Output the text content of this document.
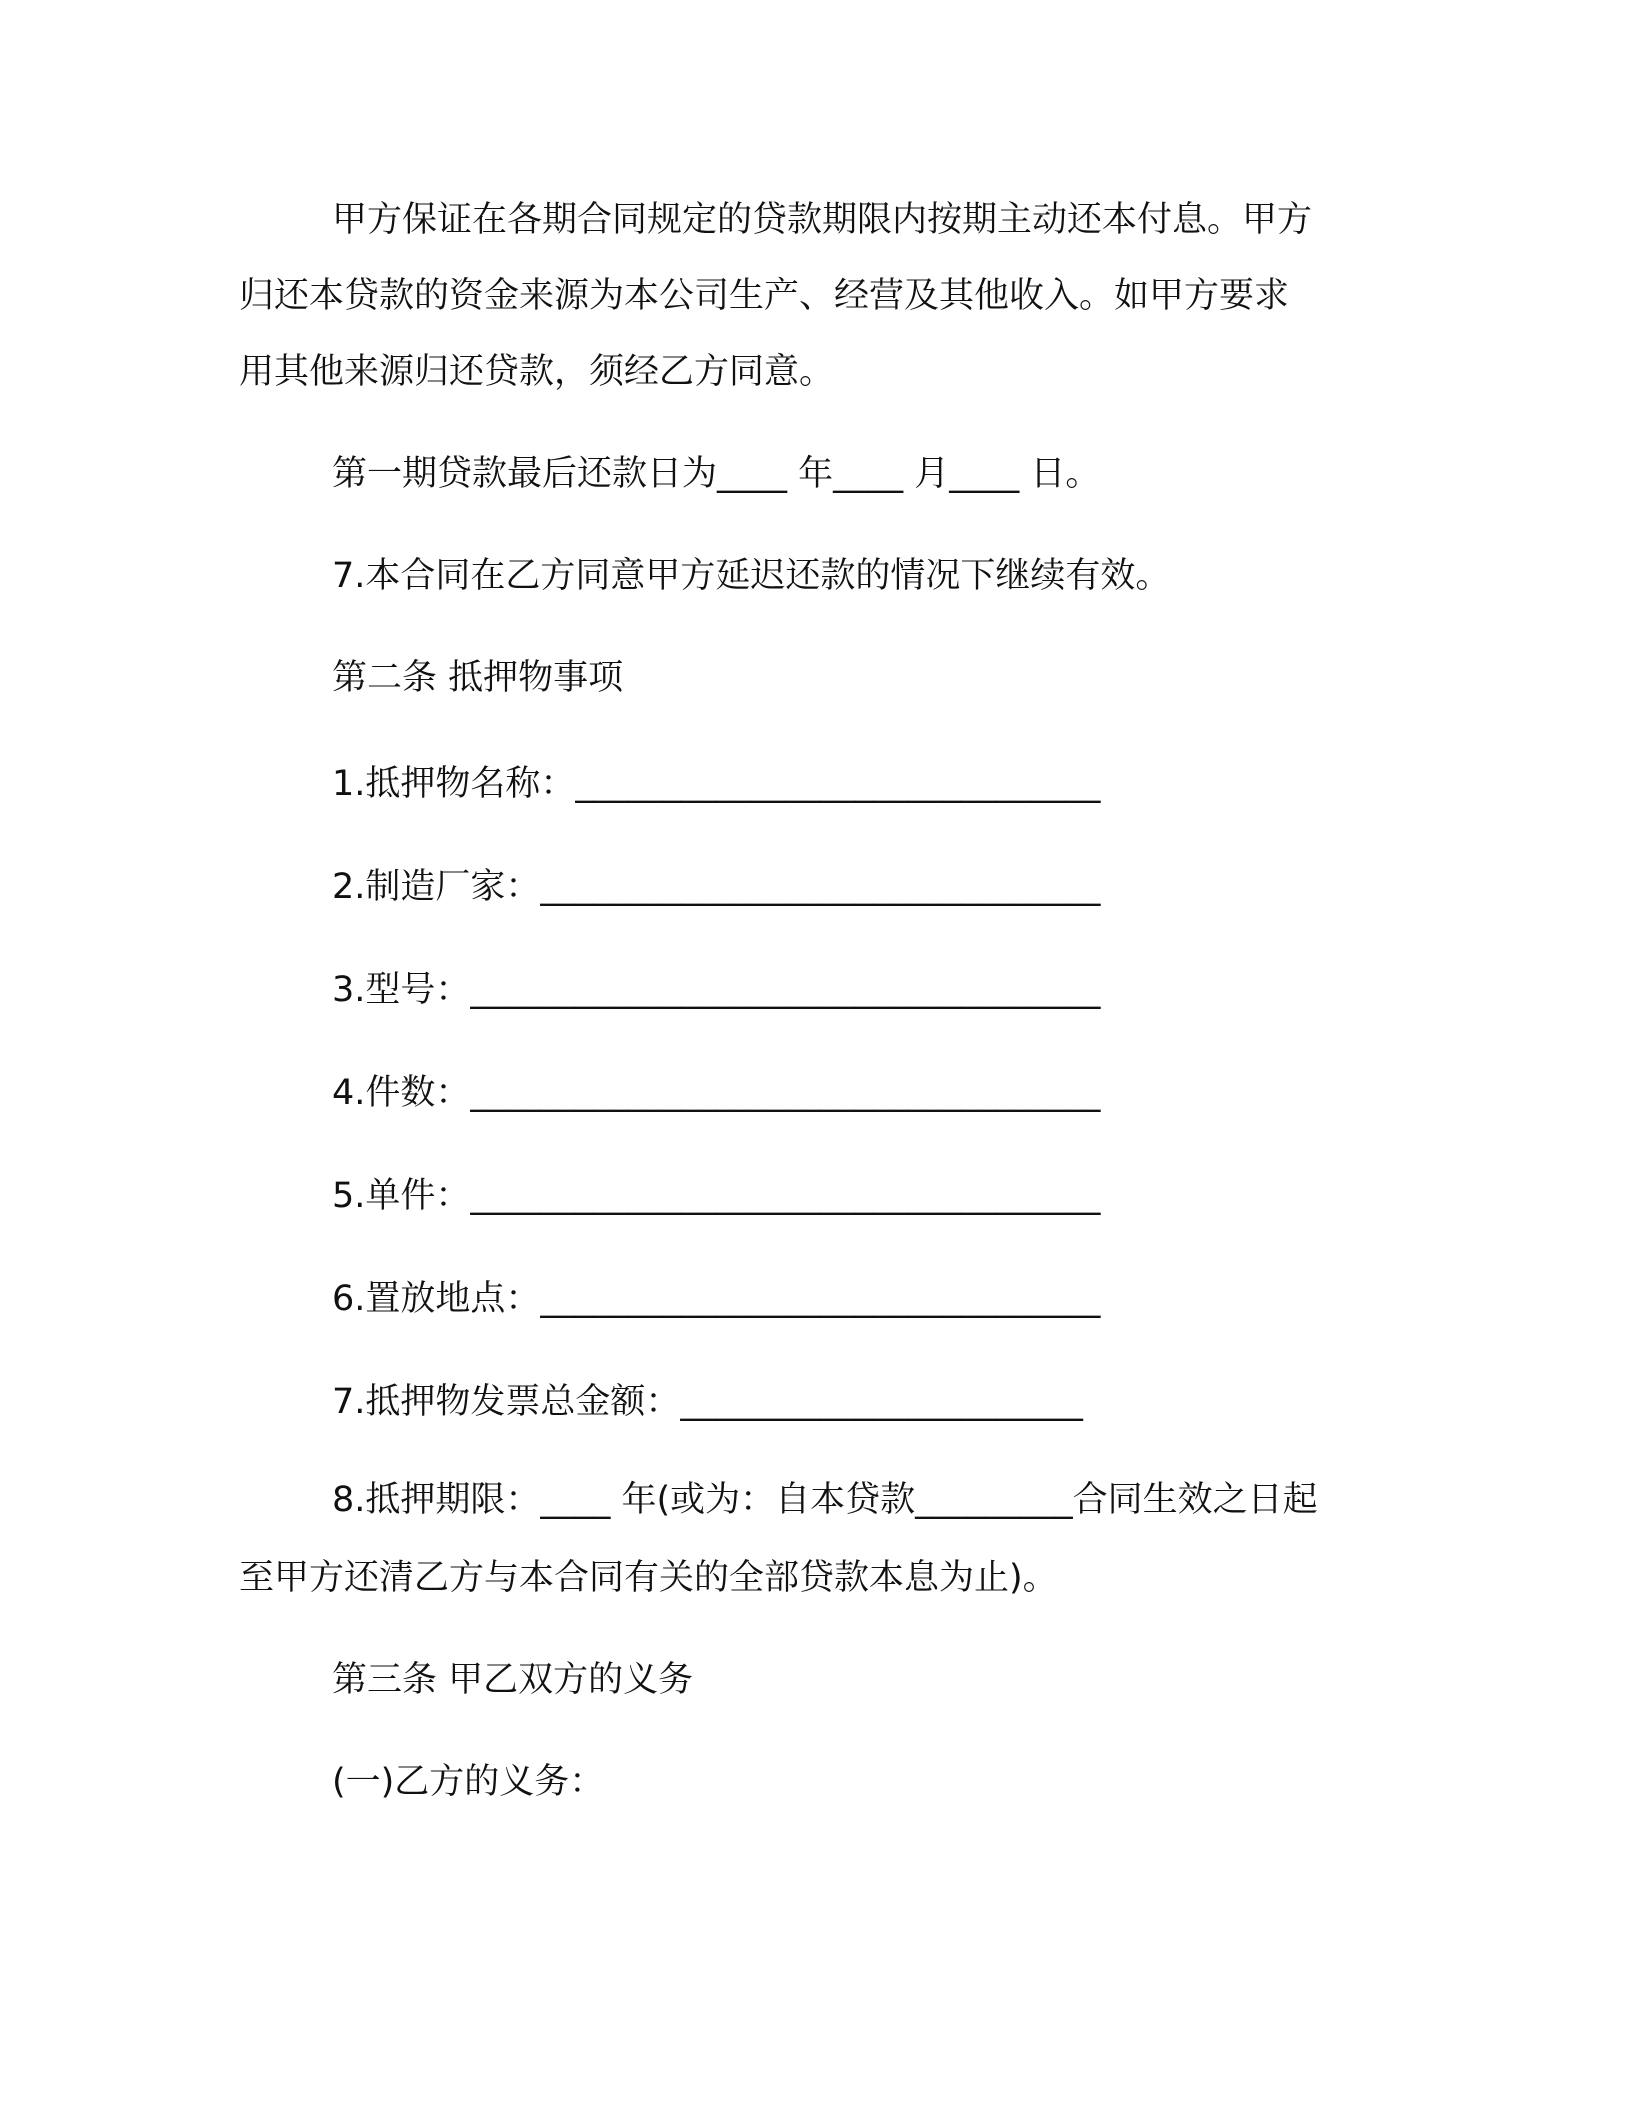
甲方保证在各期合同规定的贷款期限内按期主动还本付息。甲方
归还本贷款的资金来源为本公司生产、经营及其他收入。如甲方要求
用其他来源归还贷款，须经乙方同意。
第一期贷款最后还款日为____ 年____ 月____ 日。
7.本合同在乙方同意甲方延迟还款的情况下继续有效。
第二条 抵押物事项
1.抵押物名称：______________________________
2.制造厂家：________________________________
3.型号：____________________________________
4.件数：____________________________________
5.单件：____________________________________
6.置放地点：________________________________
7.抵押物发票总金额：_______________________
8.抵押期限：____ 年(或为：自本贷款_________合同生效之日起
至甲方还清乙方与本合同有关的全部贷款本息为止)。
第三条 甲乙双方的义务
(一)乙方的义务：
